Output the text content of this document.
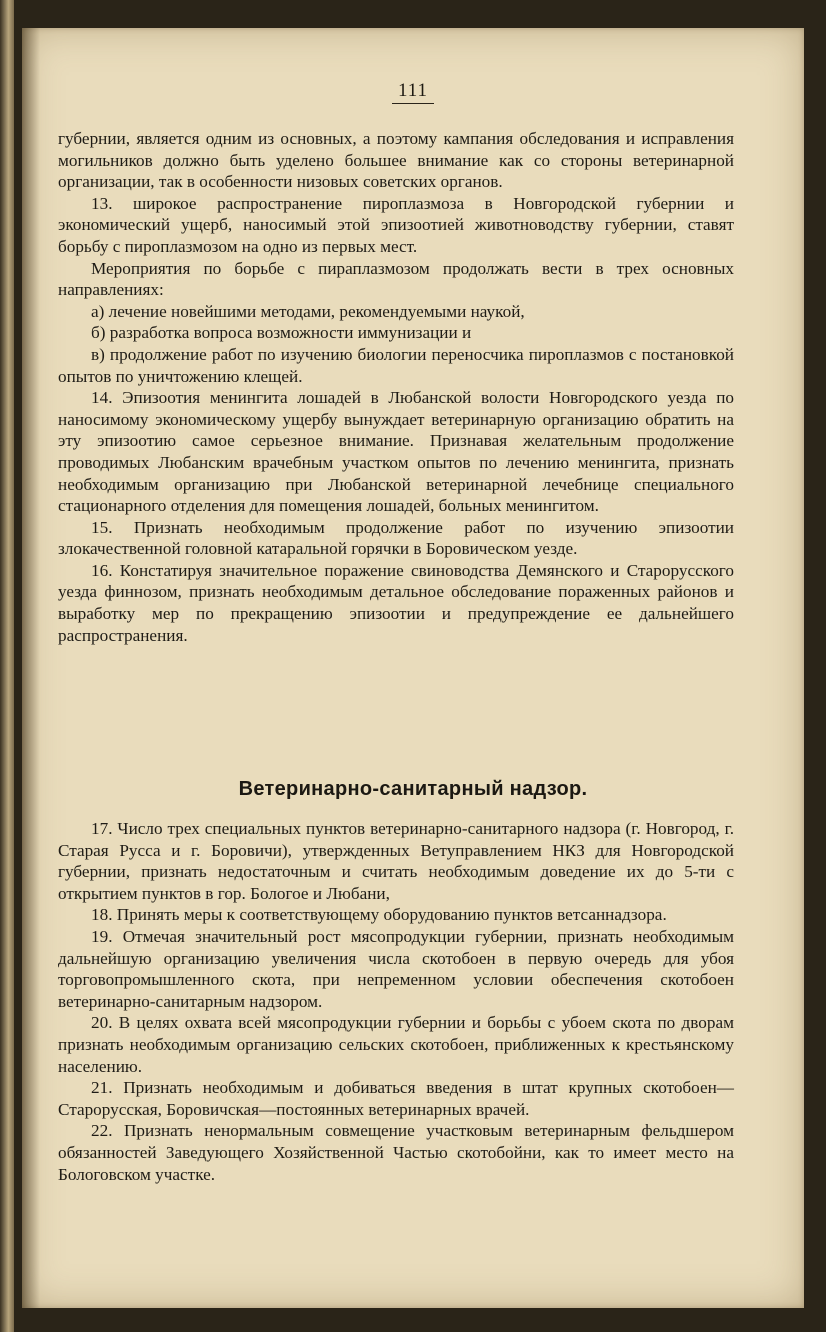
111
Ветеринарно-санитарный надзор.

губернии, является одним из основных, а поэтому кампания обследования и исправления могильников должно быть уделено большее внимание как со стороны ветеринарной организации, так в особенности низовых советских органов.

13. широкое распространение пироплазмоза в Новгородской губернии и экономический ущерб, наносимый этой эпизоотией животноводству губернии, ставят борьбу с пироплазмозом на одно из первых мест.

Мероприятия по борьбе с пираплазмозом продолжать вести в трех основных направлениях:

а) лечение новейшими методами, рекомендуемыми наукой,

б) разработка вопроса возможности иммунизации и

в) продолжение работ по изучению биологии переносчика пироплазмов с постановкой опытов по уничтожению клещей.

14. Эпизоотия менингита лошадей в Любанской волости Новгородского уезда по наносимому экономическому ущербу вынуждает ветеринарную организацию обратить на эту эпизоотию самое серьезное внимание. Признавая желательным продолжение проводимых Любанским врачебным участком опытов по лечению менингита, признать необходимым организацию при Любанской ветеринарной лечебнице специального стационарного отделения для помещения лошадей, больных менингитом.

15. Признать необходимым продолжение работ по изучению эпизоотии злокачественной головной катаральной горячки в Боровическом уезде.

16. Констатируя значительное поражение свиноводства Демянского и Старорусского уезда финнозом, признать необходимым детальное обследование пораженных районов и выработку мер по прекращению эпизоотии и предупреждение ее дальнейшего распространения.

17. Число трех специальных пунктов ветеринарно-санитарного надзора (г. Новгород, г. Старая Русса и г. Боровичи), утвержденных Ветуправлением НКЗ для Новгородской губернии, признать недостаточным и считать необходимым доведение их до 5-ти с открытием пунктов в гор. Бологое и Любани,

18. Принять меры к соответствующему оборудованию пунктов ветсаннадзора.

19. Отмечая значительный рост мясопродукции губернии, признать необходимым дальнейшую организацию увеличения числа скотобоен в первую очередь для убоя торговопромышленного скота, при непременном условии обеспечения скотобоен ветеринарно-санитарным надзором.

20. В целях охвата всей мясопродукции губернии и борьбы с убоем скота по дворам признать необходимым организацию сельских скотобоен, приближенных к крестьянскому населению.

21. Признать необходимым и добиваться введения в штат крупных скотобоен—Старорусская, Боровичская—постоянных ветеринарных врачей.

22. Признать ненормальным совмещение участковым ветеринарным фельдшером обязанностей Заведующего Хозяйственной Частью скотобойни, как то имеет место на Бологовском участке.
